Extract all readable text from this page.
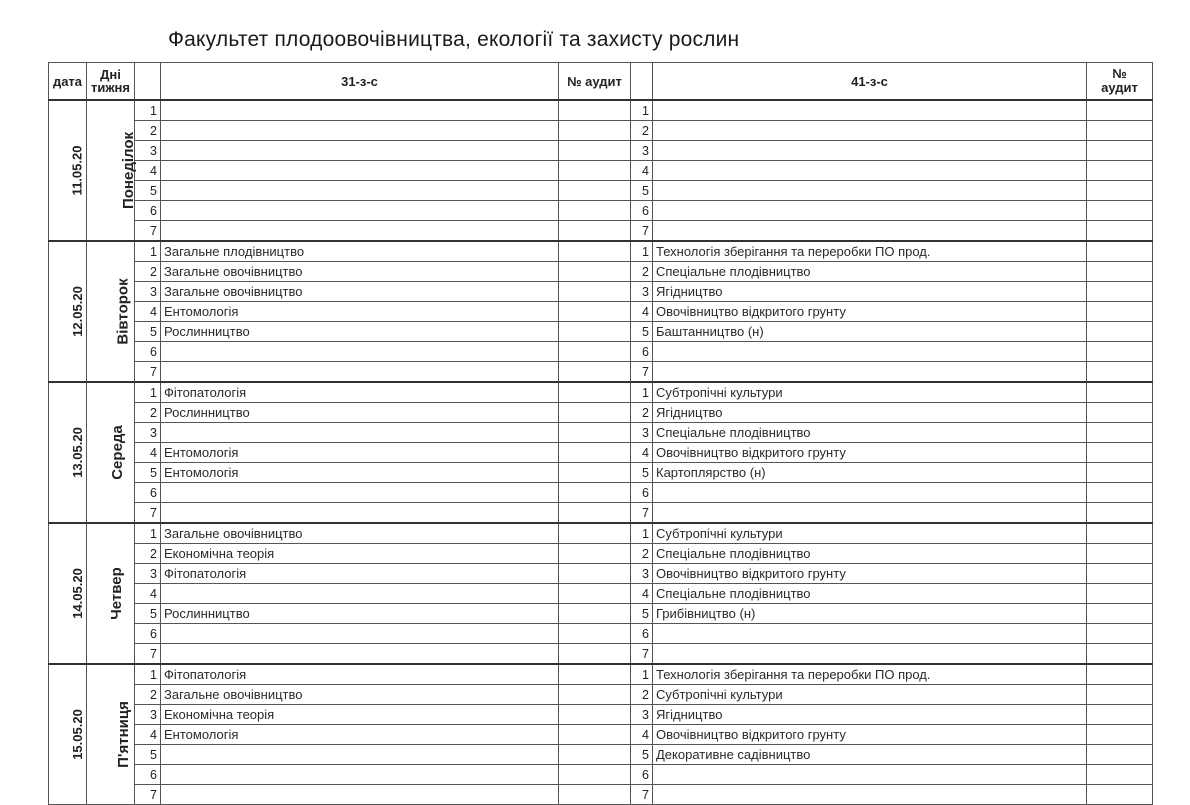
Факультет плодоовочівництва, екології та захисту рослин
дата	Дні
тижня		31-з-с	№ аудит		41-з-с	№
аудит
11.05.20	Понеділок	1			1		
		2			2		
		3			3		
		4			4		
		5			5		
		6			6		
		7			7		
12.05.20	Вівторок	1	Загальне плодівництво		1	Технологія зберігання та переробки ПО прод.	
		2	Загальне овочівництво		2	Спеціальне плодівництво	
		3	Загальне овочівництво		3	Ягідництво	
		4	Ентомологія		4	Овочівництво відкритого грунту	
		5	Рослинництво		5	Баштанництво (н)	
		6			6		
		7			7		
13.05.20	Середа	1	Фітопатологія		1	Субтропічні культури	
		2	Рослинництво		2	Ягідництво	
		3			3	Спеціальне плодівництво	
		4	Ентомологія		4	Овочівництво відкритого грунту	
		5	Ентомологія		5	Картоплярство (н)	
		6			6		
		7			7		
14.05.20	Четвер	1	Загальне овочівництво		1	Субтропічні культури	
		2	Економічна теорія		2	Спеціальне плодівництво	
		3	Фітопатологія		3	Овочівництво відкритого грунту	
		4			4	Спеціальне плодівництво	
		5	Рослинництво		5	Грибівництво (н)	
		6			6		
		7			7		
15.05.20	П'ятниця	1	Фітопатологія		1	Технологія зберігання та переробки ПО прод.	
		2	Загальне овочівництво		2	Субтропічні культури	
		3	Економічна теорія		3	Ягідництво	
		4	Ентомологія		4	Овочівництво відкритого грунту	
		5			5	Декоративне садівництво	
		6			6		
		7			7		
